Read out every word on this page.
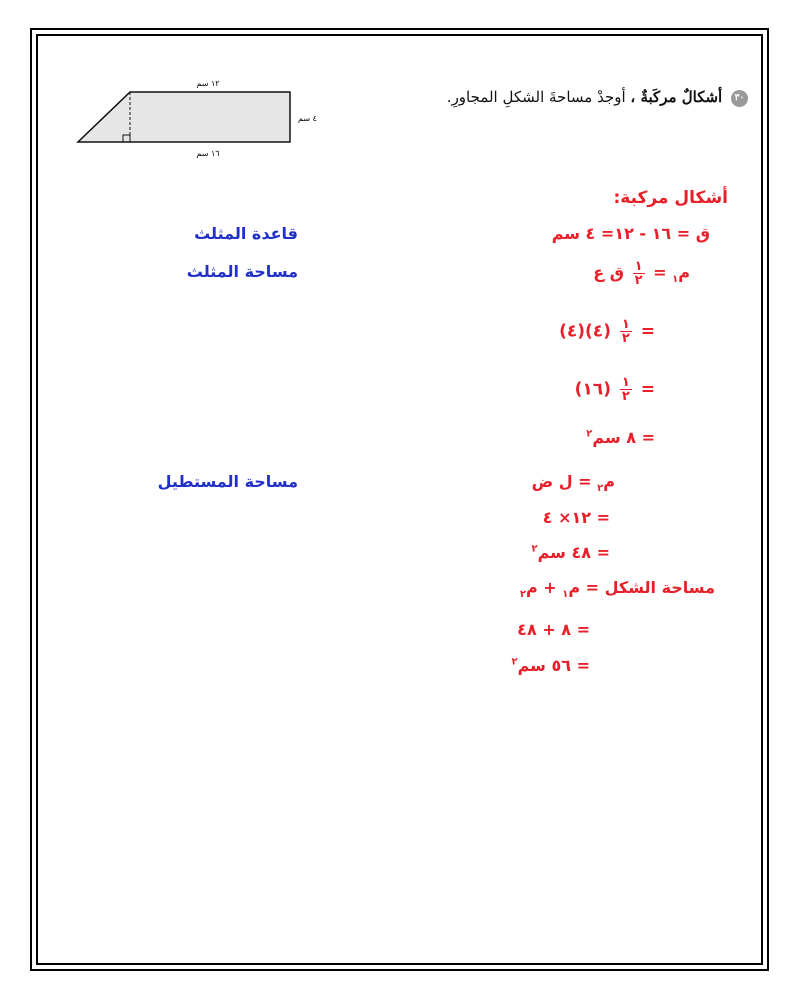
٣٠ أشكالٌ مركَبةٌ ، أوجدْ مساحةَ الشكلِ المجاورِ.
١٢ سم
٤ سم
١٦ سم
أشكال مركبة:
ق = ١٦ - ١٢= ٤ سم
م$_١$ =
$\frac{١}{٢}$
ق ع
=
$\frac{١}{٢}$
(٤)(٤)
=
$\frac{١}{٢}$
(١٦)
= ٨ سم$^٢$
م$_٢$ = ل ض
= ١٢× ٤
= ٤٨ سم$^٢$
مساحة الشكل = م$_١$ + م$_٢$
= ٨ + ٤٨
= ٥٦ سم$^٢$
قاعدة المثلث
مساحة المثلث
مساحة المستطيل
